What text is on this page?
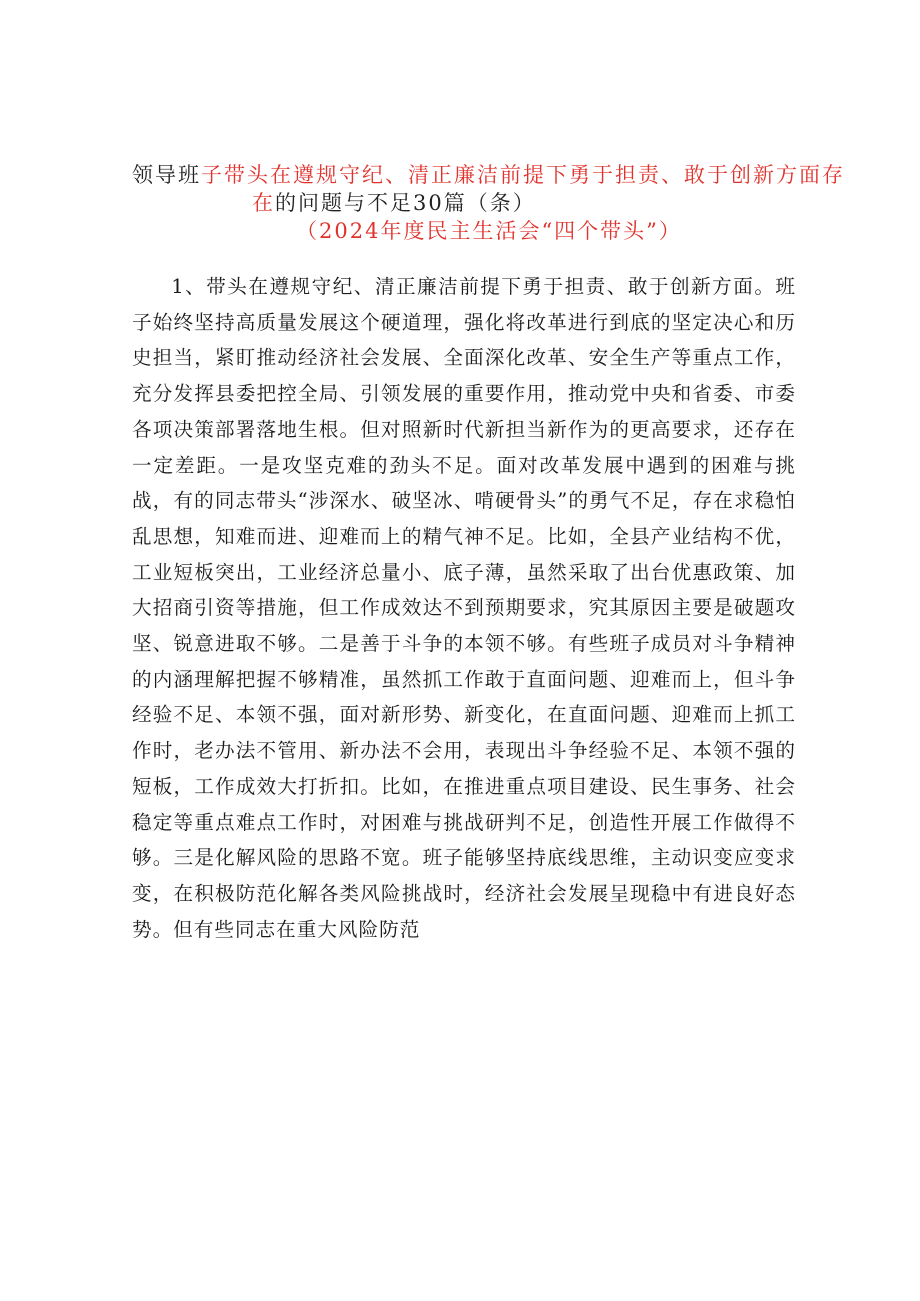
领导班子带头在遵规守纪、清正廉洁前提下勇于担责、敢于创新方面存
在的问题与不足30篇（条）
（2024年度民主生活会“四个带头”）

1、带头在遵规守纪、清正廉洁前提下勇于担责、敢于创新方面。班子始终坚持高质量发展这个硬道理，强化将改革进行到底的坚定决心和历史担当，紧盯推动经济社会发展、全面深化改革、安全生产等重点工作，充分发挥县委把控全局、引领发展的重要作用，推动党中央和省委、市委各项决策部署落地生根。但对照新时代新担当新作为的更高要求，还存在一定差距。一是攻坚克难的劲头不足。面对改革发展中遇到的困难与挑战，有的同志带头“涉深水、破坚冰、啃硬骨头”的勇气不足，存在求稳怕乱思想，知难而进、迎难而上的精气神不足。比如，全县产业结构不优，工业短板突出，工业经济总量小、底子薄，虽然采取了出台优惠政策、加大招商引资等措施，但工作成效达不到预期要求，究其原因主要是破题攻坚、锐意进取不够。二是善于斗争的本领不够。有些班子成员对斗争精神的内涵理解把握不够精准，虽然抓工作敢于直面问题、迎难而上，但斗争经验不足、本领不强，面对新形势、新变化，在直面问题、迎难而上抓工作时，老办法不管用、新办法不会用，表现出斗争经验不足、本领不强的短板，工作成效大打折扣。比如，在推进重点项目建设、民生事务、社会稳定等重点难点工作时，对困难与挑战研判不足，创造性开展工作做得不够。三是化解风险的思路不宽。班子能够坚持底线思维，主动识变应变求变，在积极防范化解各类风险挑战时，经济社会发展呈现稳中有进良好态势。但有些同志在重大风险防范
